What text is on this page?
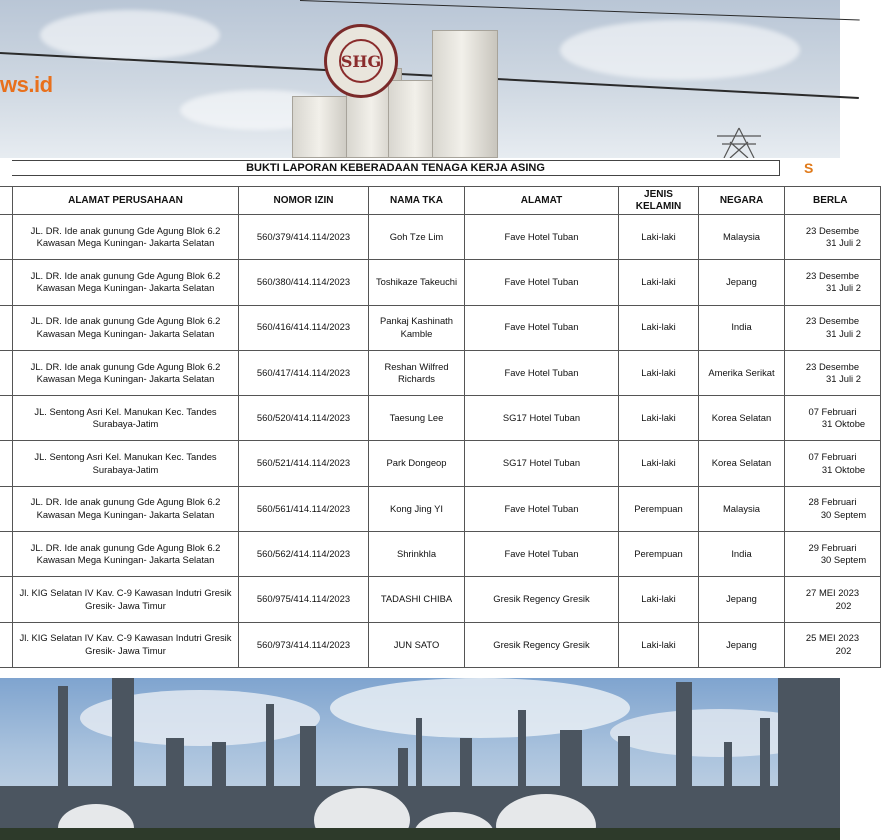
SHG
ws.id
BUKTI LAPORAN KEBERADAAN TENAGA KERJA ASING	S
	ALAMAT PERUSAHAAN	NOMOR IZIN	NAMA TKA	ALAMAT	JENIS KELAMIN	NEGARA	BERLA
	JL. DR. Ide anak gunung Gde Agung Blok 6.2 Kawasan Mega Kuningan- Jakarta Selatan	560/379/414.114/2023	Goh Tze Lim	Fave Hotel Tuban	Laki-laki	Malaysia	23 Desembe
31 Juli 2

	JL. DR. Ide anak gunung Gde Agung Blok 6.2 Kawasan Mega Kuningan- Jakarta Selatan	560/380/414.114/2023	Toshikaze Takeuchi	Fave Hotel Tuban	Laki-laki	Jepang	23 Desembe
31 Juli 2

	JL. DR. Ide anak gunung Gde Agung Blok 6.2 Kawasan Mega Kuningan- Jakarta Selatan	560/416/414.114/2023	Pankaj Kashinath Kamble	Fave Hotel Tuban	Laki-laki	India	23 Desembe
31 Juli 2

	JL. DR. Ide anak gunung Gde Agung Blok 6.2 Kawasan Mega Kuningan- Jakarta Selatan	560/417/414.114/2023	Reshan Wilfred Richards	Fave Hotel Tuban	Laki-laki	Amerika Serikat	23 Desembe
31 Juli 2

	JL. Sentong Asri Kel. Manukan Kec. Tandes Surabaya-Jatim	560/520/414.114/2023	Taesung Lee	SG17 Hotel Tuban	Laki-laki	Korea Selatan	07 Februari
31 Oktobe

	JL. Sentong Asri Kel. Manukan Kec. Tandes Surabaya-Jatim	560/521/414.114/2023	Park Dongeop	SG17 Hotel Tuban	Laki-laki	Korea Selatan	07 Februari
31 Oktobe

	JL. DR. Ide anak gunung Gde Agung Blok 6.2 Kawasan Mega Kuningan- Jakarta Selatan	560/561/414.114/2023	Kong Jing YI	Fave Hotel Tuban	Perempuan	Malaysia	28 Februari
30 Septem

	JL. DR. Ide anak gunung Gde Agung Blok 6.2 Kawasan Mega Kuningan- Jakarta Selatan	560/562/414.114/2023	Shrinkhla	Fave Hotel Tuban	Perempuan	India	29 Februari
30 Septem

	Jl. KIG Selatan IV Kav. C-9 Kawasan Indutri Gresik Gresik- Jawa Timur	560/975/414.114/2023	TADASHI CHIBA	Gresik Regency Gresik	Laki-laki	Jepang	27 MEI 2023
202

	Jl. KIG Selatan IV Kav. C-9 Kawasan Indutri Gresik Gresik- Jawa Timur	560/973/414.114/2023	JUN SATO	Gresik Regency Gresik	Laki-laki	Jepang	25 MEI 2023
202
